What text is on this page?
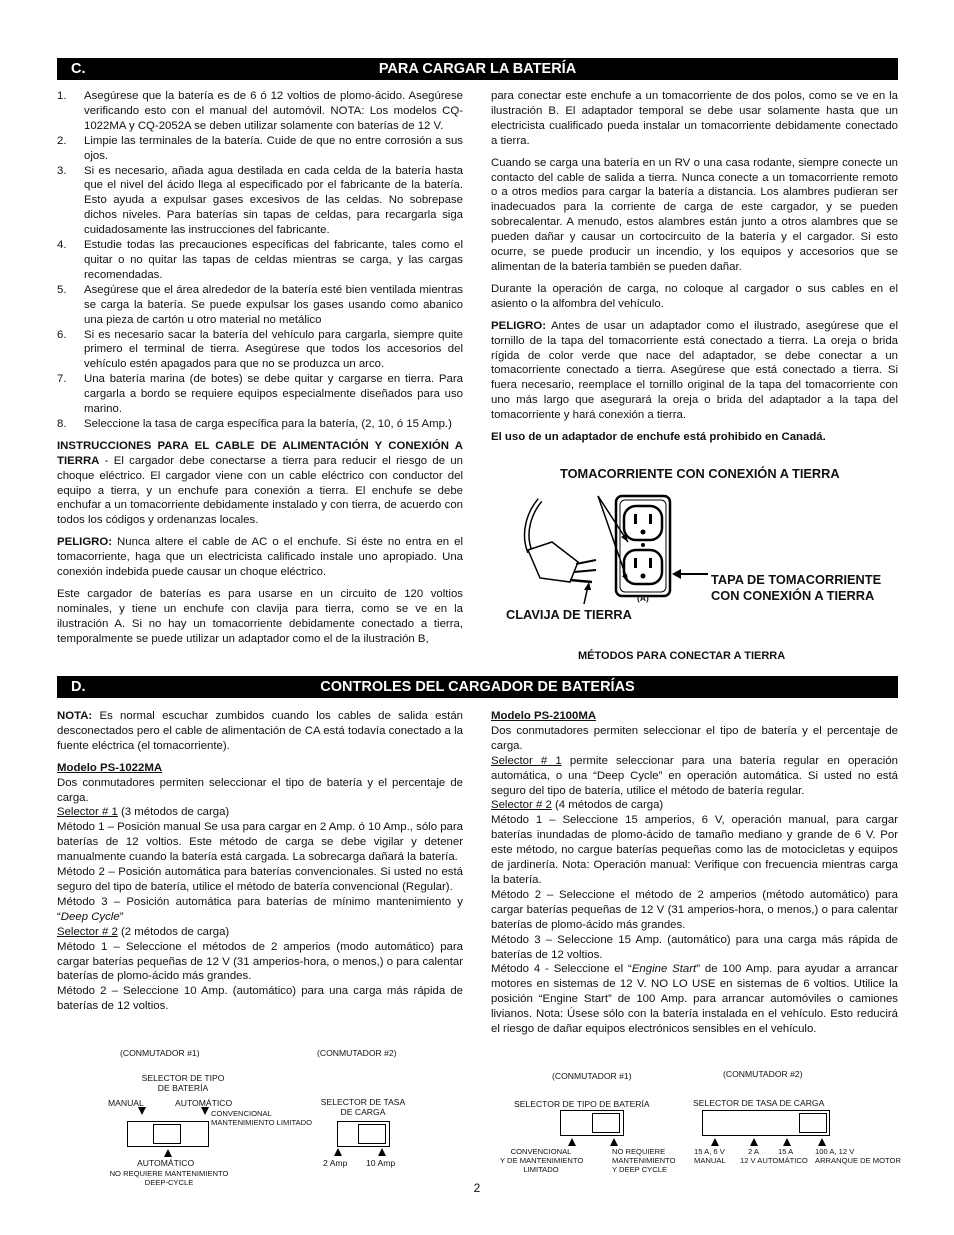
C.	PARA CARGAR LA BATERÍA
1. Asegúrese que la batería es de 6 ó 12 voltios de plomo-ácido. Asegúrese verificando esto con el manual del automóvil. NOTA: Los modelos CQ-1022MA y CQ-2052A se deben utilizar solamente con baterías de 12 V.
2. Limpie las terminales de la batería. Cuide de que no entre corrosión a sus ojos.
3. Si es necesario, añada agua destilada en cada celda de la batería hasta que el nivel del ácido llega al especificado por el fabricante de la batería. Esto ayuda a expulsar gases excesivos de las celdas. No sobrepase dichos niveles. Para baterías sin tapas de celdas, para recargarla siga cuidadosamente las instrucciones del fabricante.
4. Estudie todas las precauciones específicas del fabricante, tales como el quitar o no quitar las tapas de celdas mientras se carga, y las cargas recomendadas.
5. Asegúrese que el área alrededor de la batería esté bien ventilada mientras se carga la batería. Se puede expulsar los gases usando como abanico una pieza de cartón u otro material no metálico
6. Si es necesario sacar la batería del vehículo para cargarla, siempre quite primero el terminal de tierra. Asegúrese que todos los accesorios del vehículo estén apagados para que no se produzca un arco.
7. Una batería marina (de botes) se debe quitar y cargarse en tierra. Para cargarla a bordo se requiere equipos especialmente diseñados para uso marino.
8. Seleccione la tasa de carga específica para la batería, (2, 10, ó 15 Amp.)

INSTRUCCIONES PARA EL CABLE DE ALIMENTACIÓN Y CONEXIÓN A TIERRA - El cargador debe conectarse a tierra para reducir el riesgo de un choque eléctrico. El cargador viene con un cable eléctrico con conductor del equipo a tierra, y un enchufe para conexión a tierra. El enchufe se debe enchufar a un tomacorriente debidamente instalado y con tierra, de acuerdo con todos los códigos y ordenanzas locales.

PELIGRO: Nunca altere el cable de AC o el enchufe. Si éste no entra en el tomacorriente, haga que un electricista calificado instale uno apropiado. Una conexión indebida puede causar un choque eléctrico.

Este cargador de baterías es para usarse en un circuito de 120 voltios nominales, y tiene un enchufe con clavija para tierra, como se ve en la ilustración A. Si no hay un tomacorriente debidamente conectado a tierra, temporalmente se puede utilizar un adaptador como el de la ilustración B,

para conectar este enchufe a un tomacorriente de dos polos, como se ve en la ilustración B. El adaptador temporal se debe usar solamente hasta que un electricista cualificado pueda instalar un tomacorriente debidamente conectado a tierra.

Cuando se carga una batería en un RV o una casa rodante, siempre conecte un contacto del cable de salida a tierra. Nunca conecte a un tomacorriente remoto o a otros medios para cargar la batería a distancia. Los alambres pudieran ser inadecuados para la corriente de carga de este cargador, y se pueden sobrecalentar. A menudo, estos alambres están junto a otros alambres que se pueden dañar y causar un cortocircuito de la batería y el cargador. Si esto ocurre, se puede producir un incendio, y los equipos y accesorios que se alimentan de la batería también se pueden dañar.

Durante la operación de carga, no coloque al cargador o sus cables en el asiento o la alfombra del vehículo.

PELIGRO: Antes de usar un adaptador como el ilustrado, asegúrese que el tornillo de la tapa del tomacorriente está conectado a tierra. La oreja o brida rígida de color verde que nace del adaptador, se debe conectar a un tomacorriente conectado a tierra. Asegúrese que está conectado a tierra. Si fuera necesario, reemplace el tornillo original de la tapa del tomacorriente con uno más largo que asegurará la oreja o brida del adaptador a la tapa del tomacorriente y hará conexión a tierra.

El uso de un adaptador de enchufe está prohibido en Canadá.

TOMACORRIENTE CON CONEXIÓN A TIERRA
(A)
TAPA DE TOMACORRIENTE
CON CONEXIÓN A TIERRA
CLAVIJA DE TIERRA
MÉTODOS PARA CONECTAR A TIERRA
D.	CONTROLES DEL CARGADOR DE BATERÍAS

NOTA: Es normal escuchar zumbidos cuando los cables de salida están desconectados pero el cable de alimentación de CA está todavía conectado a la fuente eléctrica (el tomacorriente).

Modelo PS-1022MA
Dos conmutadores permiten seleccionar el tipo de batería y el percentaje de carga.
Selector # 1 (3 métodos de carga)
Método 1 – Posición manual Se usa para cargar en 2 Amp. ó 10 Amp., sólo para baterías de 12 voltios. Este método de carga se debe vigilar y detener manualmente cuando la batería está cargada. La sobrecarga dañará la batería.
Método 2 – Posición automática para baterías convencionales. Si usted no está seguro del tipo de batería, utilice el método de batería convencional (Regular).
Método 3 – Posición automática para baterías de mínimo mantenimiento y “Deep Cycle”
Selector # 2 (2 métodos de carga)
Método 1 – Seleccione el métodos de 2 amperios (modo automático) para cargar baterías pequeñas de 12 V (31 amperios-hora, o menos,) o para calentar baterías de plomo-ácido más grandes.
Método 2 – Seleccione 10 Amp. (automático) para una carga más rápida de baterías de 12 voltios.
Modelo PS-2100MA
Dos conmutadores permiten seleccionar el tipo de batería y el percentaje de carga.
Selector # 1 permite seleccionar para una batería regular en operación automática, o una “Deep Cycle” en operación automática. Si usted no está seguro del tipo de batería, utilice el método de batería regular.
Selector # 2 (4 métodos de carga)
Método 1 – Seleccione 15 amperios, 6 V, operación manual, para cargar baterías inundadas de plomo-ácido de tamaño mediano y grande de 6 V. Por este método, no cargue baterías pequeñas como las de motocicletas y equipos de jardinería. Nota: Operación manual: Verifique con frecuencia mientras carga la batería.
Método 2 – Seleccione el método de 2 amperios (método automático) para cargar baterías pequeñas de 12 V (31 amperios-hora, o menos,) o para calentar baterías de plomo-ácido más grandes.
Método 3 – Seleccione 15 Amp. (automático) para una carga más rápida de baterías de 12 voltios.
Método 4 - Seleccione el “Engine Start” de 100 Amp. para ayudar a arrancar motores en sistemas de 12 V. NO LO USE en sistemas de 6 voltios. Utilice la posición “Engine Start” de 100 Amp. para arrancar automóviles o camiones livianos. Nota: Úsese sólo con la batería instalada en el vehículo. Esto reducirá el riesgo de dañar equipos electrónicos sensibles en el vehículo.
(CONMUTADOR #1)	(CONMUTADOR #2)
SELECTOR DE TIPO
DE BATERÍA
MANUAL	AUTOMÁTICO
CONVENCIONAL
MANTENIMIENTO LIMITADO
AUTOMÁTICO
NO REQUIERE MANTENIMIENTO
DEEP-CYCLE
SELECTOR DE TASA
DE CARGA
2 Amp 10 Amp
(CONMUTADOR #1)	(CONMUTADOR #2)
SELECTOR DE TIPO DE BATERÍA	SELECTOR DE TASA DE CARGA
CONVENCIONAL
Y DE MANTENIMIENTO
LIMITADO
NO REQUIERE
MANTENIMIENTO
Y DEEP CYCLE
15 A, 6 V
MANUAL
2 A	15 A
12 V AUTOMÁTICO
100 A, 12 V
ARRANQUE DE MOTOR
2
